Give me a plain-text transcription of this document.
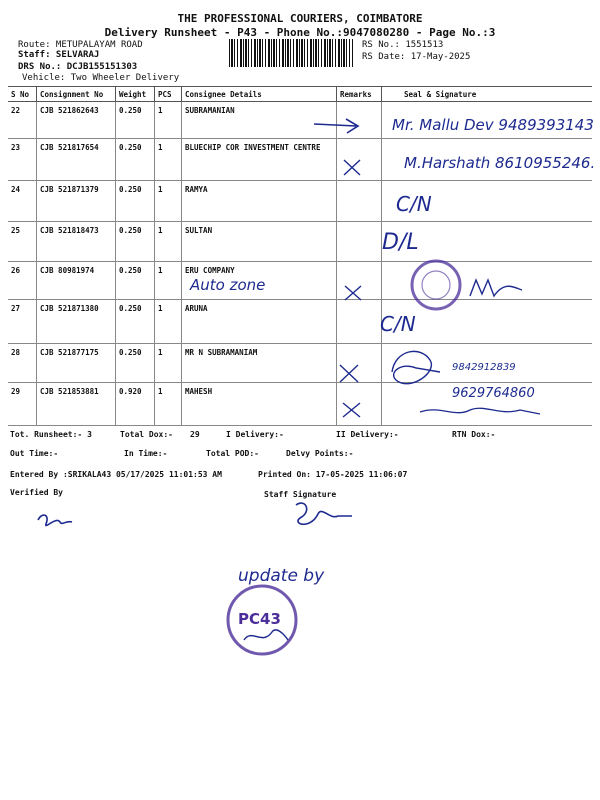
THE PROFESSIONAL COURIERS, COIMBATORE
Delivery Runsheet - P43 - Phone No.:9047080280 - Page No.:3
Route: METUPALAYAM ROAD
Staff: SELVARAJ
DRS No.: DCJB155151303
Vehicle: Two Wheeler Delivery
RS No.: 1551513
RS Date: 17-May-2025
S No	Consignment No	Weight	PCS	Consignee Details	Remarks	Seal & Signature
22	CJB 521862643	0.250	1	SUBRAMANIAN		
23	CJB 521817654	0.250	1	BLUECHIP COR INVESTMENT CENTRE		
24	CJB 521871379	0.250	1	RAMYA		
25	CJB 521818473	0.250	1	SULTAN		
26	CJB 80981974	0.250	1	ERU COMPANY		
27	CJB 521871380	0.250	1	ARUNA		
28	CJB 521877175	0.250	1	MR N SUBRAMANIAM		
29	CJB 521853881	0.920	1	MAHESH		
Mr. Mallu Dev 9489393143
M.Harshath 8610955246.
C/N
D/L
Auto zone
C/N
9842912839
9629764860
update by
PC43
Tot. Runsheet:- 3	Total Dox:- 29	I Delivery:-	II Delivery:-	RTN Dox:-
Out Time:-	In Time:-	Total POD:-	Delvy Points:-
Entered By :SRIKALA43 05/17/2025 11:01:53 AM	Printed On: 17-05-2025 11:06:07
Verified By	Staff Signature
